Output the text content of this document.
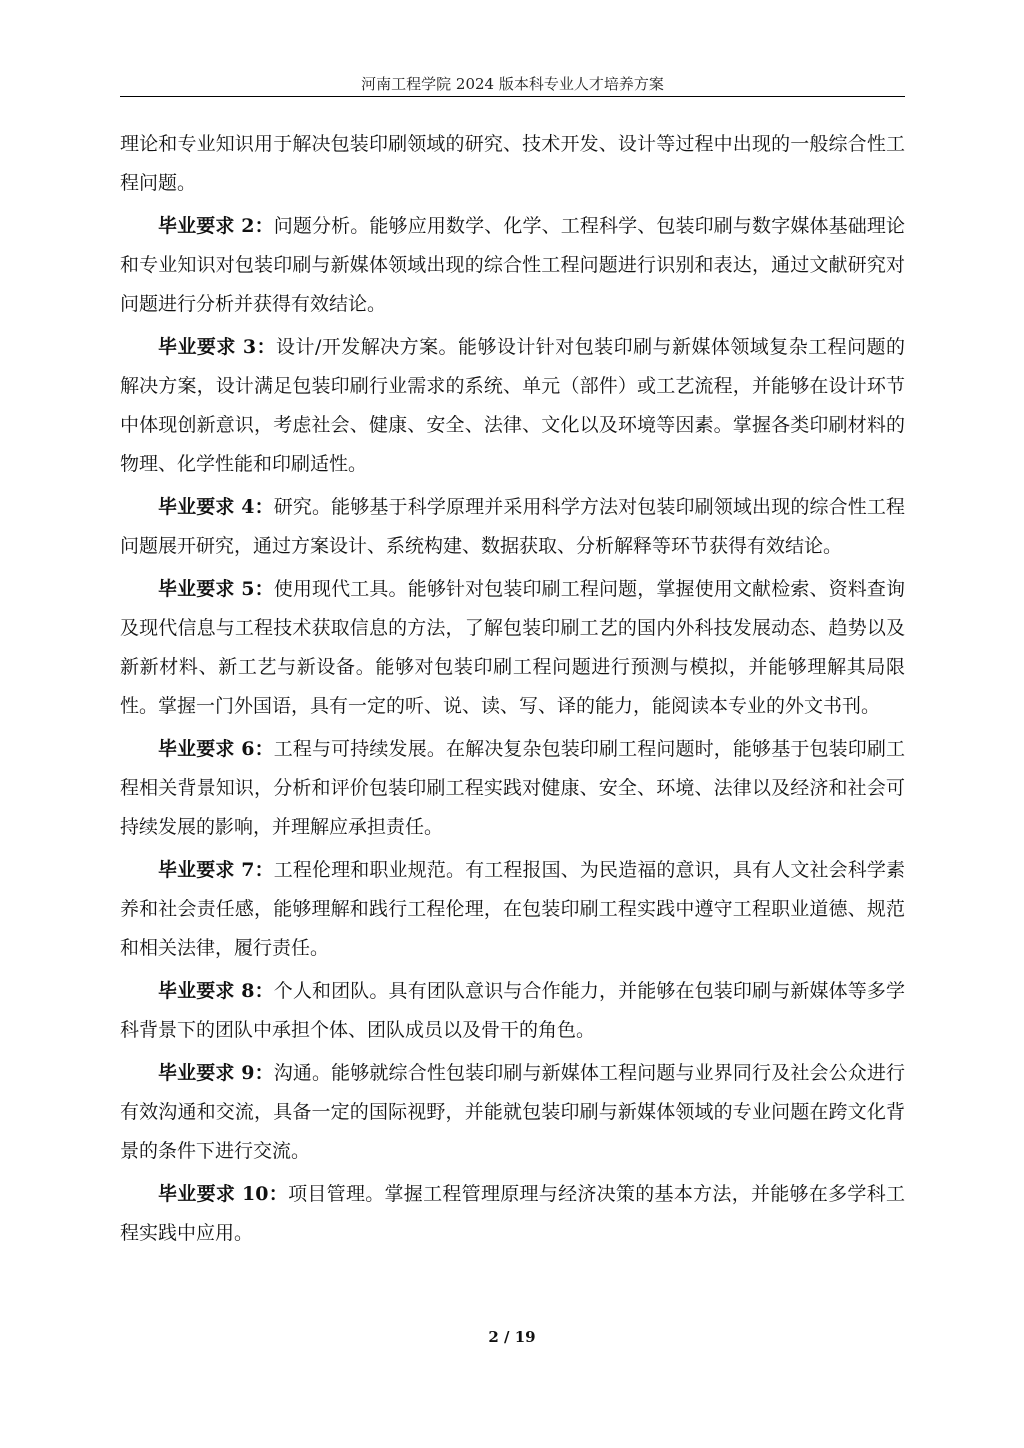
河南工程学院 2024 版本科专业人才培养方案

理论和专业知识用于解决包装印刷领域的研究、技术开发、设计等过程中出现的一般综合性工程问题。

毕业要求 2：问题分析。能够应用数学、化学、工程科学、包装印刷与数字媒体基础理论和专业知识对包装印刷与新媒体领域出现的综合性工程问题进行识别和表达，通过文献研究对问题进行分析并获得有效结论。

毕业要求 3：设计/开发解决方案。能够设计针对包装印刷与新媒体领域复杂工程问题的解决方案，设计满足包装印刷行业需求的系统、单元（部件）或工艺流程，并能够在设计环节中体现创新意识，考虑社会、健康、安全、法律、文化以及环境等因素。掌握各类印刷材料的物理、化学性能和印刷适性。

毕业要求 4：研究。能够基于科学原理并采用科学方法对包装印刷领域出现的综合性工程问题展开研究，通过方案设计、系统构建、数据获取、分析解释等环节获得有效结论。

毕业要求 5：使用现代工具。能够针对包装印刷工程问题，掌握使用文献检索、资料查询及现代信息与工程技术获取信息的方法，了解包装印刷工艺的国内外科技发展动态、趋势以及新新材料、新工艺与新设备。能够对包装印刷工程问题进行预测与模拟，并能够理解其局限性。掌握一门外国语，具有一定的听、说、读、写、译的能力，能阅读本专业的外文书刊。

毕业要求 6：工程与可持续发展。在解决复杂包装印刷工程问题时，能够基于包装印刷工程相关背景知识，分析和评价包装印刷工程实践对健康、安全、环境、法律以及经济和社会可持续发展的影响，并理解应承担责任。

毕业要求 7：工程伦理和职业规范。有工程报国、为民造福的意识，具有人文社会科学素养和社会责任感，能够理解和践行工程伦理，在包装印刷工程实践中遵守工程职业道德、规范和相关法律，履行责任。

毕业要求 8：个人和团队。具有团队意识与合作能力，并能够在包装印刷与新媒体等多学科背景下的团队中承担个体、团队成员以及骨干的角色。

毕业要求 9：沟通。能够就综合性包装印刷与新媒体工程问题与业界同行及社会公众进行有效沟通和交流，具备一定的国际视野，并能就包装印刷与新媒体领域的专业问题在跨文化背景的条件下进行交流。

毕业要求 10：项目管理。掌握工程管理原理与经济决策的基本方法，并能够在多学科工程实践中应用。

2 / 19
